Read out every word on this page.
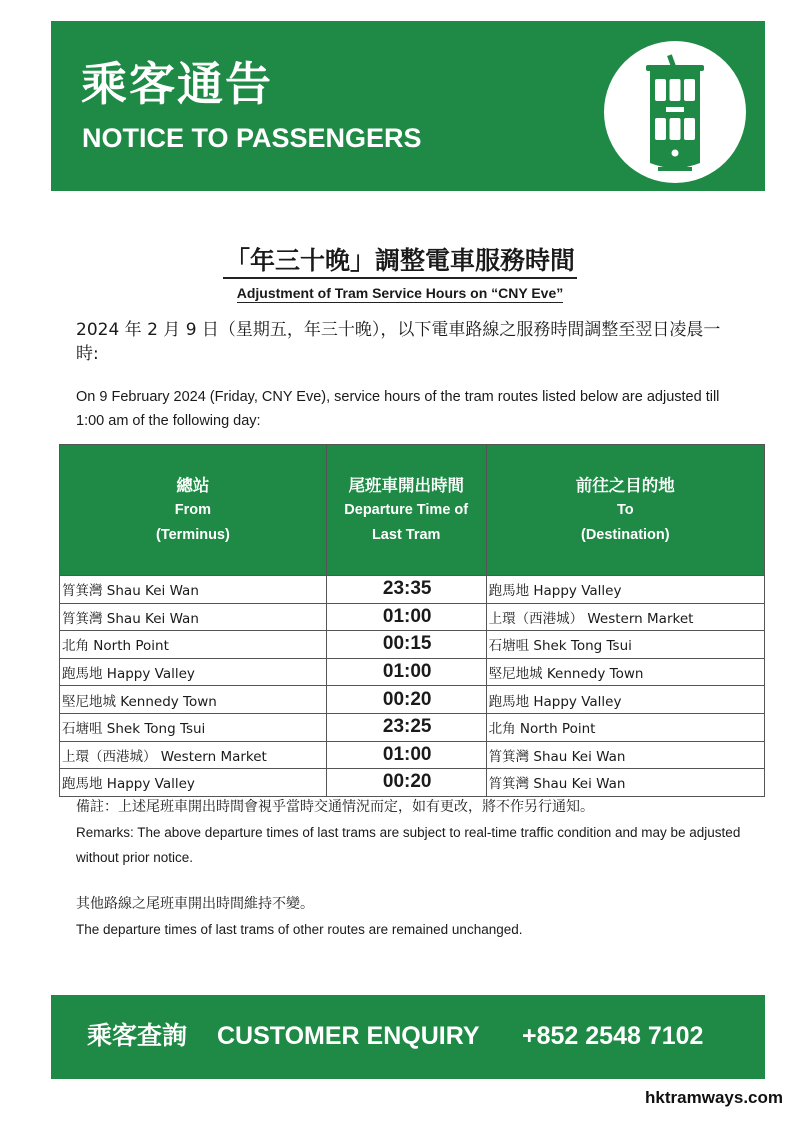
乘客通告
NOTICE TO PASSENGERS
「年三十晚」調整電車服務時間
Adjustment of Tram Service Hours on “CNY Eve”
2024 年 2 月 9 日（星期五，年三十晚），以下電車路線之服務時間調整至翌日凌晨一時:
On 9 February 2024 (Friday, CNY Eve), service hours of the tram routes listed below are adjusted till 1:00 am of the following day:
總站
From
(Terminus)	尾班車開出時間
Departure Time of
Last Tram	前往之目的地
To
(Destination)

筲箕灣 Shau Kei Wan	23:35	跑馬地 Happy Valley
筲箕灣 Shau Kei Wan	01:00	上環（西港城） Western Market
北角 North Point	00:15	石塘咀 Shek Tong Tsui
跑馬地 Happy Valley	01:00	堅尼地城 Kennedy Town
堅尼地城 Kennedy Town	00:20	跑馬地 Happy Valley
石塘咀 Shek Tong Tsui	23:25	北角 North Point
上環（西港城） Western Market	01:00	筲箕灣 Shau Kei Wan
跑馬地 Happy Valley	00:20	筲箕灣 Shau Kei Wan
備註：上述尾班車開出時間會視乎當時交通情況而定，如有更改，將不作另行通知。
Remarks: The above departure times of last trams are subject to real-time traffic condition and may be adjusted without prior notice.
其他路線之尾班車開出時間維持不變。
The departure times of last trams of other routes are remained unchanged.
乘客查詢 CUSTOMER ENQUIRY +852 2548 7102
hktramways.com
